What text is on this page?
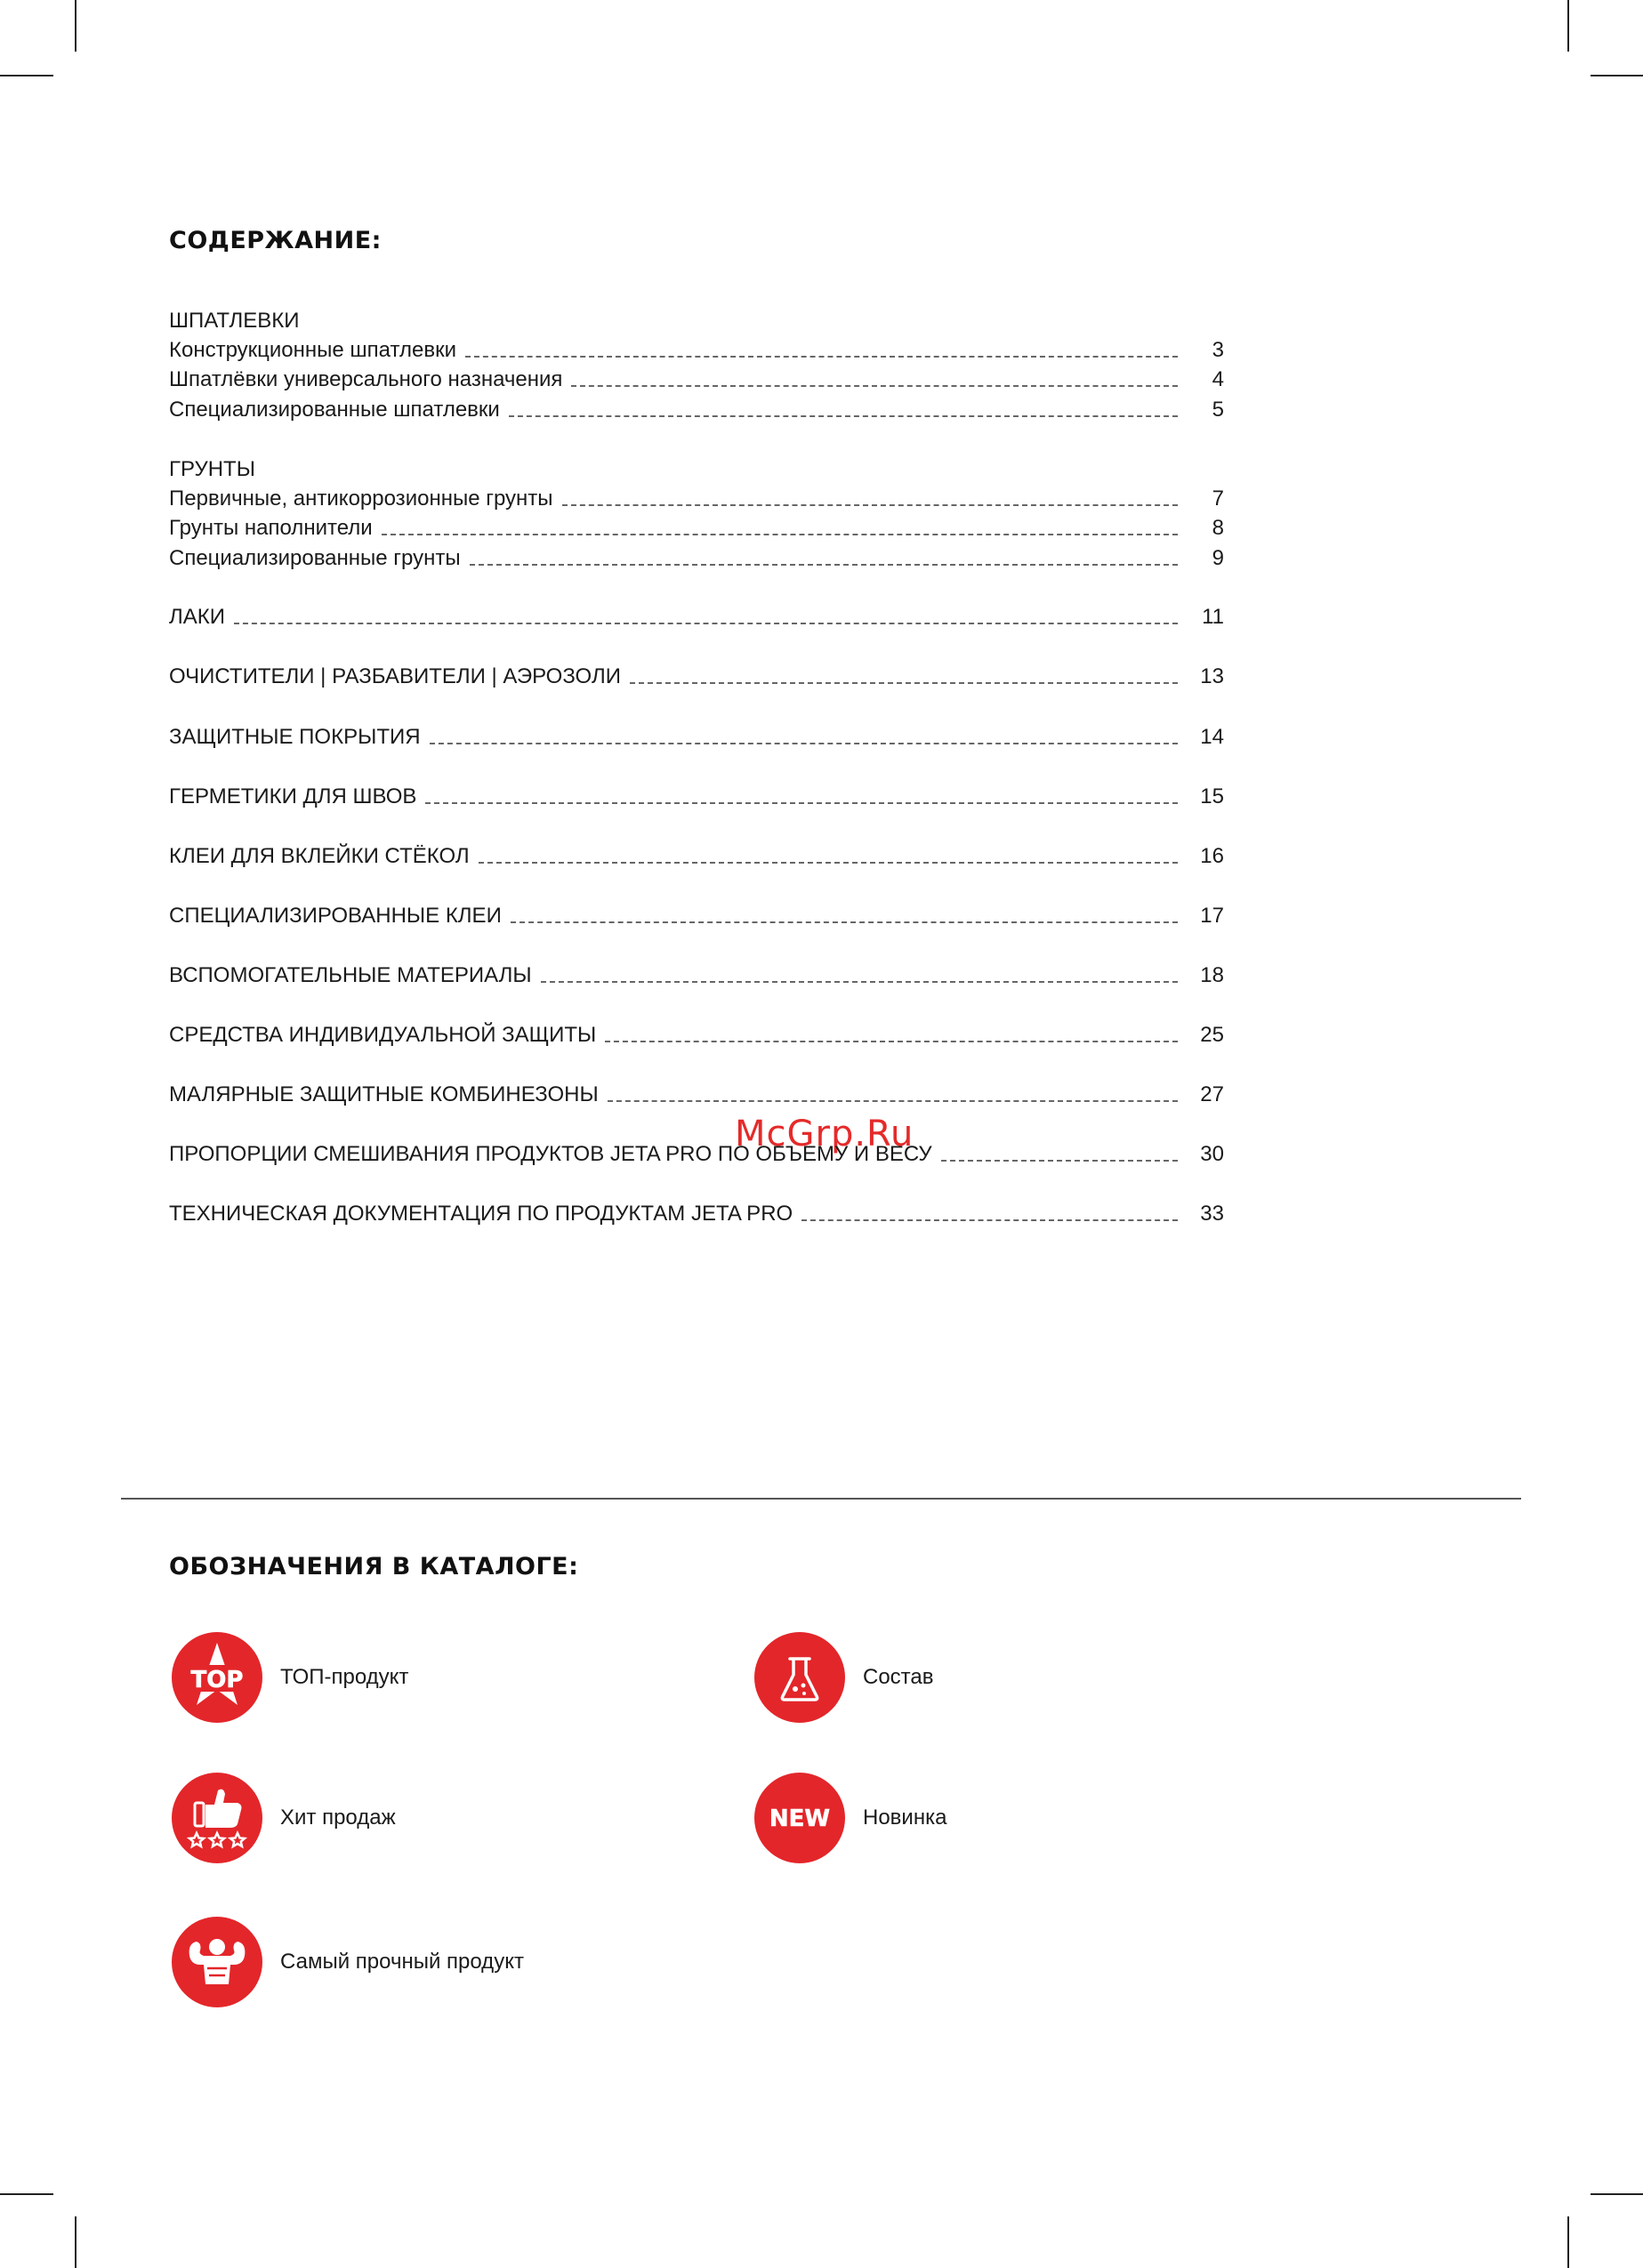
McGrp.Ru
СОДЕРЖАНИЕ:
ШПАТЛЕВКИ
Конструкционные шпатлевки	3
Шпатлёвки универсального назначения	4
Специализированные шпатлевки	5
ГРУНТЫ
Первичные, антикоррозионные грунты	7
Грунты наполнители	8
Специализированные грунты	9
ЛАКИ	11
ОЧИСТИТЕЛИ | РАЗБАВИТЕЛИ | АЭРОЗОЛИ	13
ЗАЩИТНЫЕ ПОКРЫТИЯ	14
ГЕРМЕТИКИ ДЛЯ ШВОВ	15
КЛЕИ ДЛЯ ВКЛЕЙКИ СТЁКОЛ	16
СПЕЦИАЛИЗИРОВАННЫЕ КЛЕИ	17
ВСПОМОГАТЕЛЬНЫЕ МАТЕРИАЛЫ	18
СРЕДСТВА ИНДИВИДУАЛЬНОЙ ЗАЩИТЫ	25
МАЛЯРНЫЕ ЗАЩИТНЫЕ КОМБИНЕЗОНЫ	27
ПРОПОРЦИИ СМЕШИВАНИЯ ПРОДУКТОВ JETA PRO ПО ОБЪЕМУ И ВЕСУ	30
ТЕХНИЧЕСКАЯ ДОКУМЕНТАЦИЯ ПО ПРОДУКТАМ JETA PRO	33
ОБОЗНАЧЕНИЯ В КАТАЛОГЕ:
TOP ТОП-продукт
Хит продаж
Самый прочный продукт
Состав
NEW Новинка
